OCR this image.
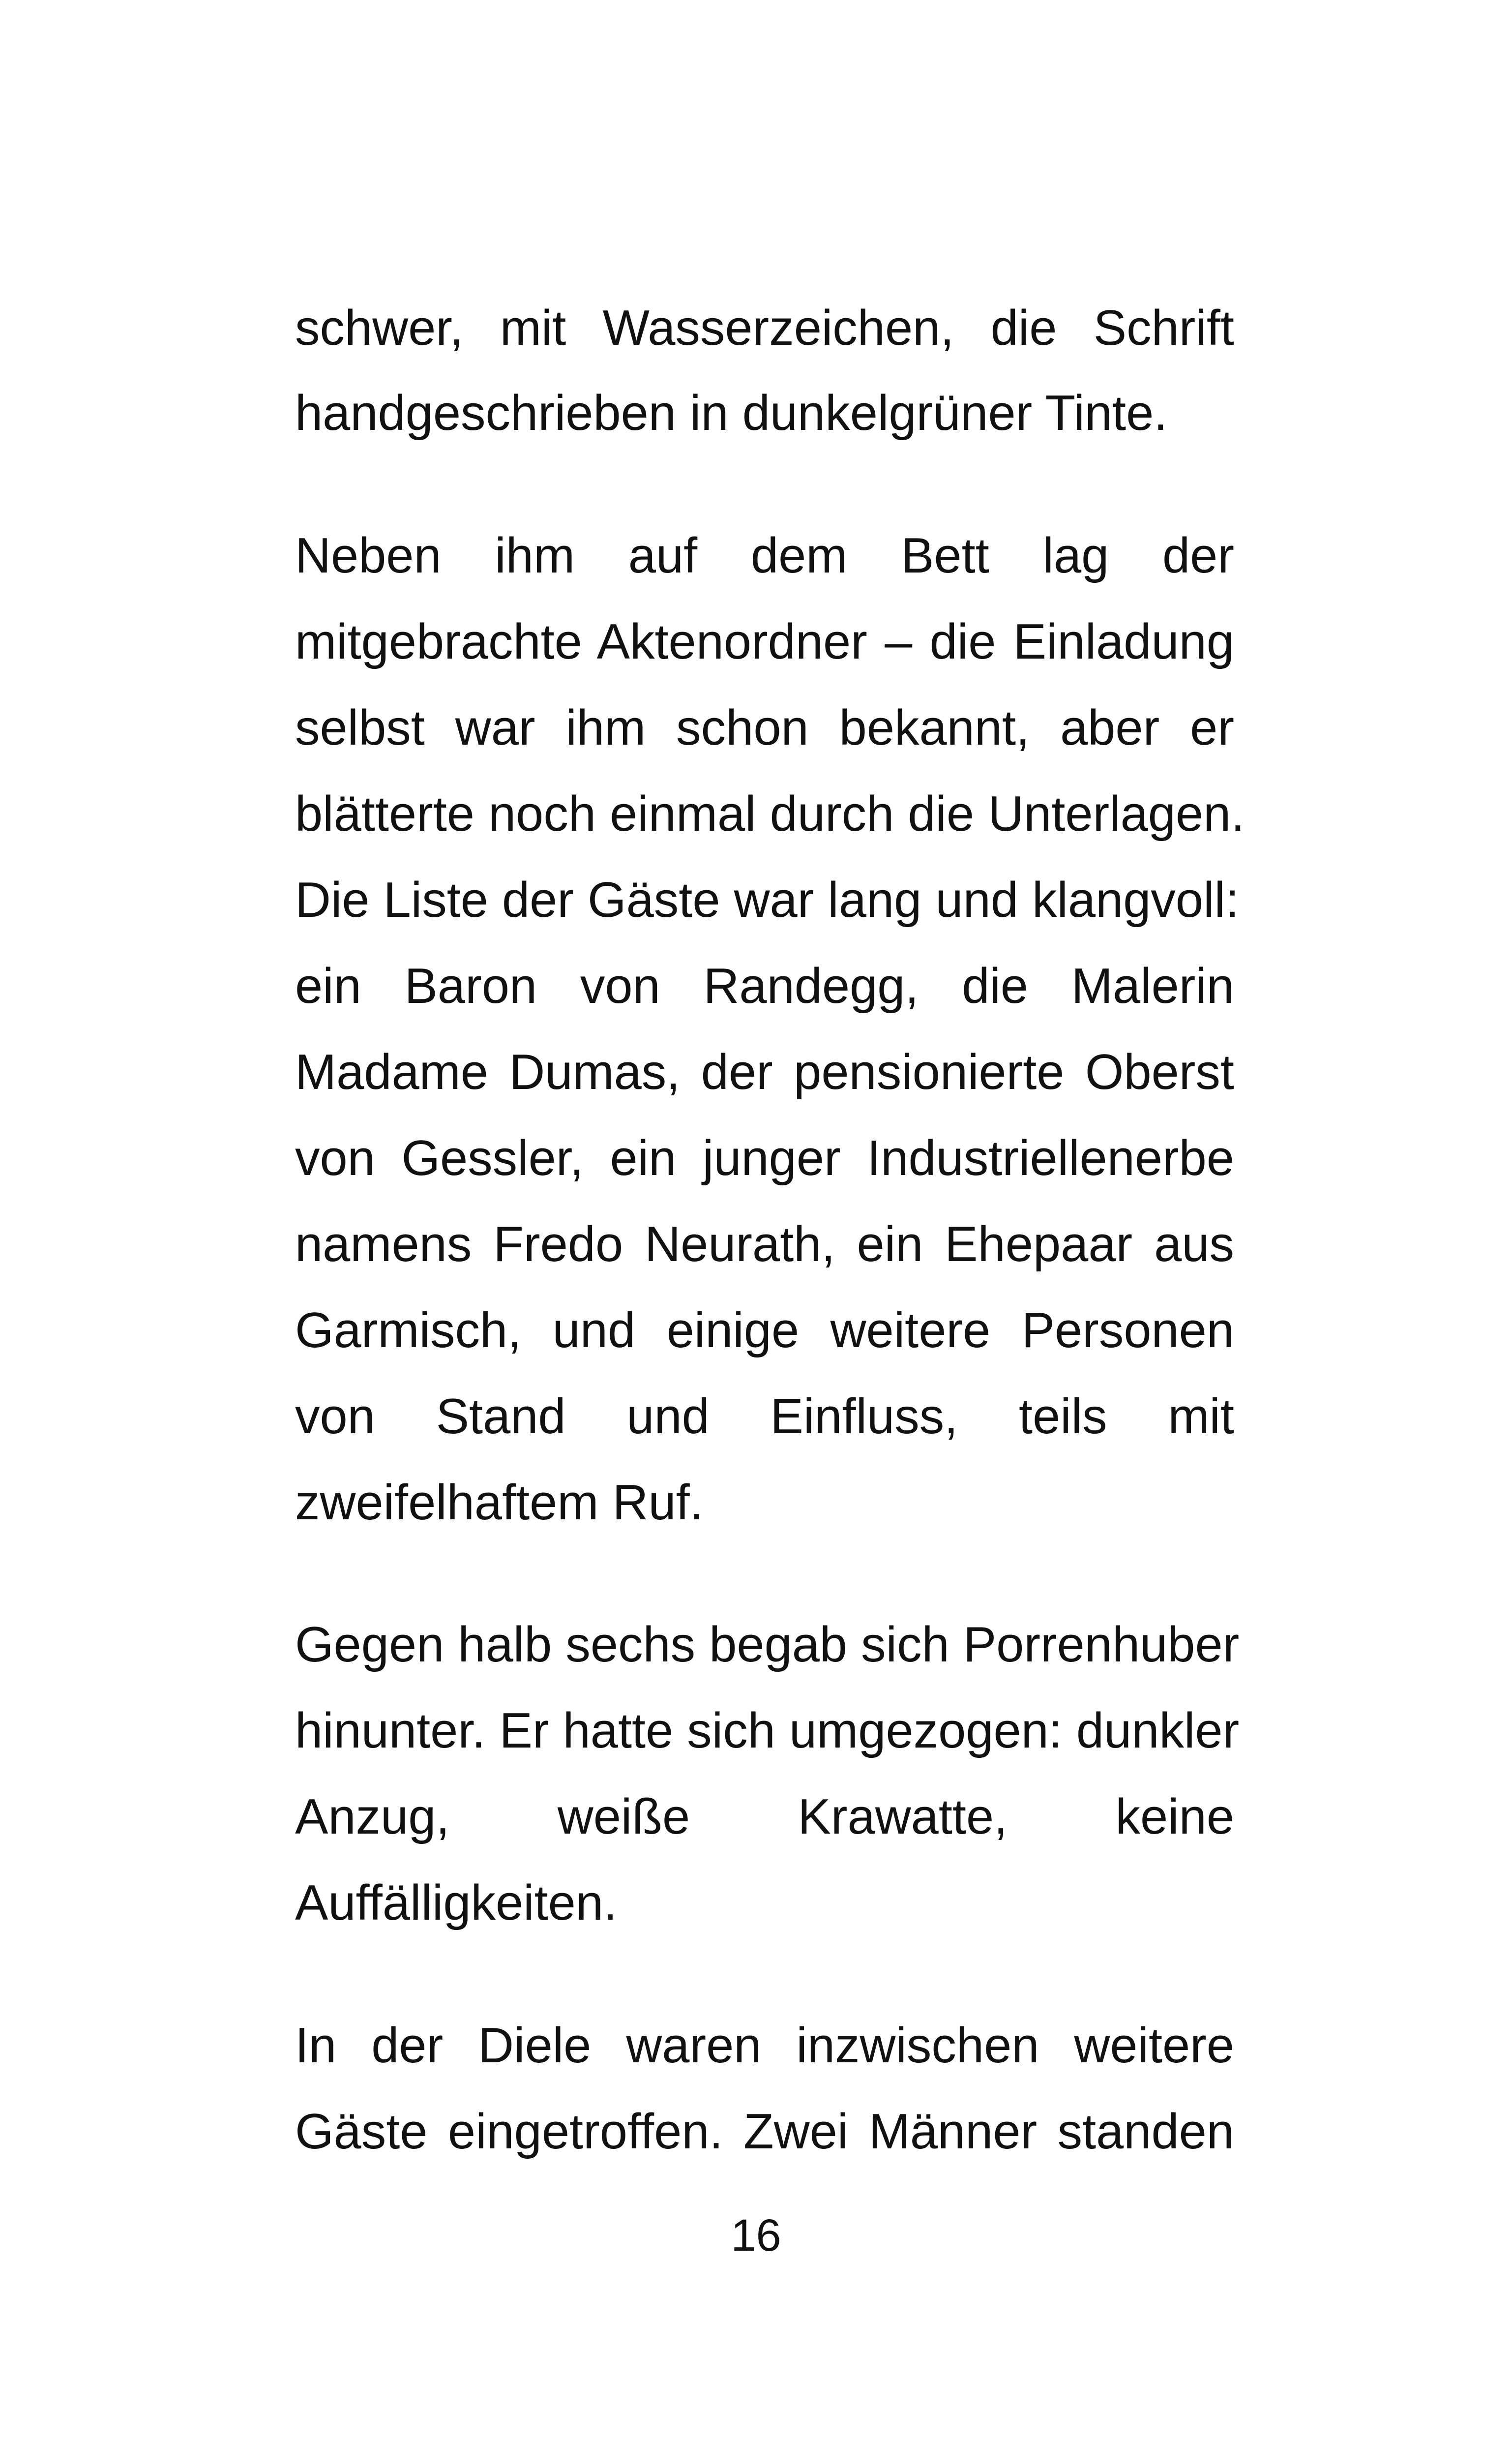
schwer, mit Wasserzeichen, die Schrift
handgeschrieben in dunkelgrüner Tinte.
Neben ihm auf dem Bett lag der
mitgebrachte Aktenordner – die Einladung
selbst war ihm schon bekannt, aber er
blätterte noch einmal durch die Unterlagen.
Die Liste der Gäste war lang und klangvoll:
ein Baron von Randegg, die Malerin
Madame Dumas, der pensionierte Oberst
von Gessler, ein junger Industriellenerbe
namens Fredo Neurath, ein Ehepaar aus
Garmisch, und einige weitere Personen
von Stand und Einfluss, teils mit
zweifelhaftem Ruf.
Gegen halb sechs begab sich Porrenhuber
hinunter. Er hatte sich umgezogen: dunkler
Anzug, weiße Krawatte, keine
Auffälligkeiten.
In der Diele waren inzwischen weitere
Gäste eingetroffen. Zwei Männer standen
16
